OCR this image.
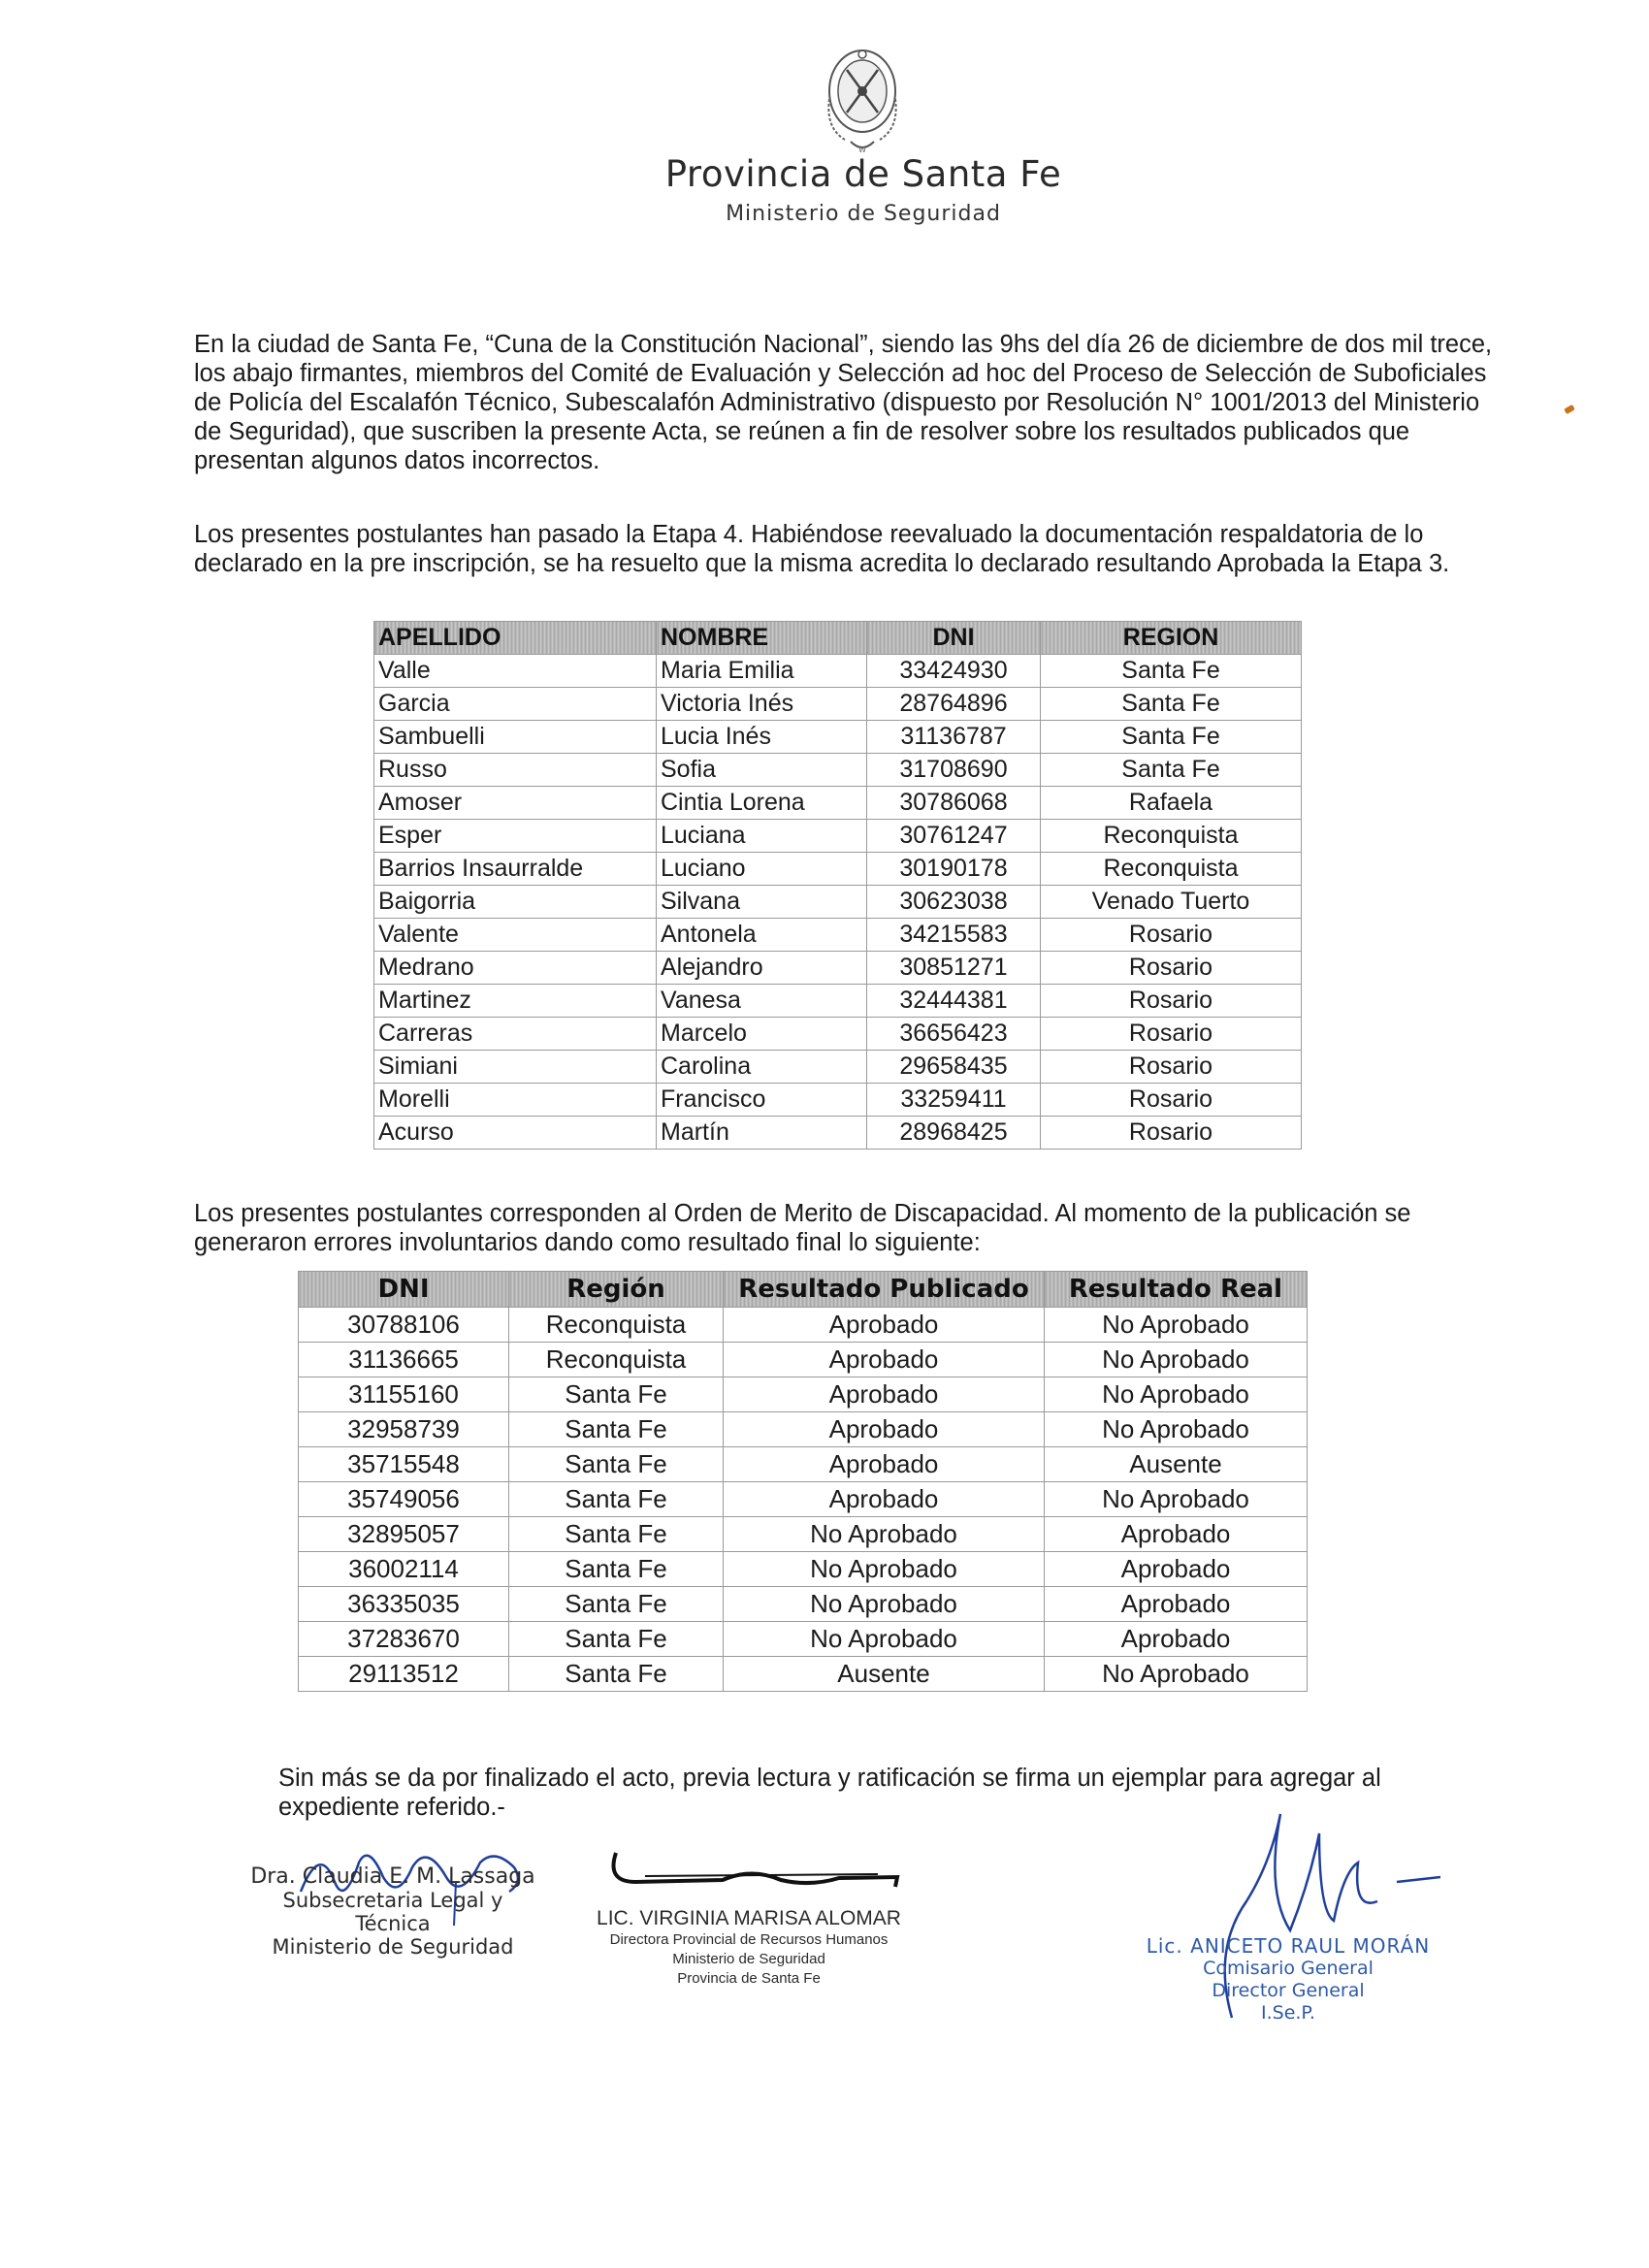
W
Provincia de Santa Fe
Ministerio de Seguridad
En la ciudad de Santa Fe, “Cuna de la Constitución Nacional”, siendo las 9hs del día 26 de diciembre de dos mil trece, los abajo firmantes, miembros del Comité de Evaluación y Selección ad hoc del Proceso de Selección de Suboficiales de Policía del Escalafón Técnico, Subescalafón Administrativo (dispuesto por Resolución N° 1001/2013 del Ministerio de Seguridad), que suscriben la presente Acta, se reúnen a fin de resolver sobre los resultados publicados que presentan algunos datos incorrectos.
Los presentes postulantes han pasado la Etapa 4. Habiéndose reevaluado la documentación respaldatoria de lo declarado en la pre inscripción, se ha resuelto que la misma acredita lo declarado resultando Aprobada la Etapa 3.
APELLIDO	NOMBRE	DNI	REGION
Valle	Maria Emilia	33424930	Santa Fe
Garcia	Victoria Inés	28764896	Santa Fe
Sambuelli	Lucia Inés	31136787	Santa Fe
Russo	Sofia	31708690	Santa Fe
Amoser	Cintia Lorena	30786068	Rafaela
Esper	Luciana	30761247	Reconquista
Barrios Insaurralde	Luciano	30190178	Reconquista
Baigorria	Silvana	30623038	Venado Tuerto
Valente	Antonela	34215583	Rosario
Medrano	Alejandro	30851271	Rosario
Martinez	Vanesa	32444381	Rosario
Carreras	Marcelo	36656423	Rosario
Simiani	Carolina	29658435	Rosario
Morelli	Francisco	33259411	Rosario
Acurso	Martín	28968425	Rosario
Los presentes postulantes corresponden al Orden de Merito de Discapacidad. Al momento de la publicación se generaron errores involuntarios dando como resultado final lo siguiente:
DNI	Región	Resultado Publicado	Resultado Real
30788106	Reconquista	Aprobado	No Aprobado
31136665	Reconquista	Aprobado	No Aprobado
31155160	Santa Fe	Aprobado	No Aprobado
32958739	Santa Fe	Aprobado	No Aprobado
35715548	Santa Fe	Aprobado	Ausente
35749056	Santa Fe	Aprobado	No Aprobado
32895057	Santa Fe	No Aprobado	Aprobado
36002114	Santa Fe	No Aprobado	Aprobado
36335035	Santa Fe	No Aprobado	Aprobado
37283670	Santa Fe	No Aprobado	Aprobado
29113512	Santa Fe	Ausente	No Aprobado
Sin más se da por finalizado el acto, previa lectura y ratificación se firma un ejemplar para agregar al expediente referido.-
Dra. Claudia E. M. Lassaga
Subsecretaria Legal y Técnica
Ministerio de Seguridad
LIC. VIRGINIA MARISA ALOMAR
Directora Provincial de Recursos Humanos
Ministerio de Seguridad
Provincia de Santa Fe
Lic. ANICETO RAUL MORÁN
Comisario General
Director General
I.Se.P.
